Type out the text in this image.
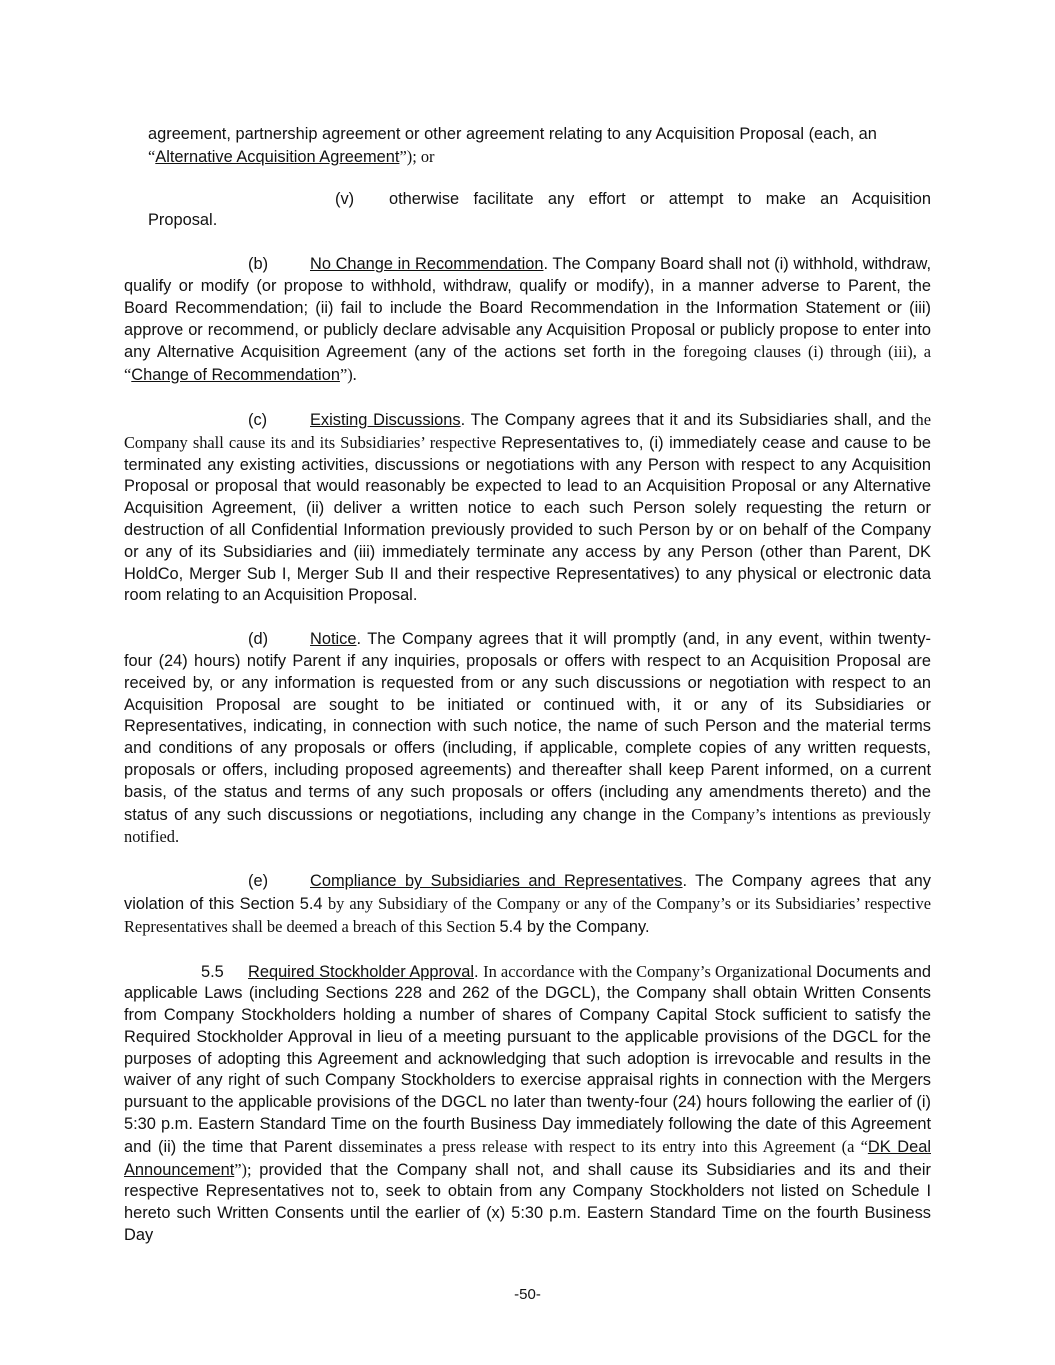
agreement, partnership agreement or other agreement relating to any Acquisition Proposal (each, an
“Alternative Acquisition Agreement”); or

(v) otherwise facilitate any effort or attempt to make an Acquisition

Proposal.

(b)	No Change in Recommendation. The Company Board shall not (i) withhold, withdraw, qualify or modify (or propose to withhold, withdraw, qualify or modify), in a manner adverse to Parent, the Board Recommendation; (ii) fail to include the Board Recommendation in the Information Statement or (iii) approve or recommend, or publicly declare advisable any Acquisition Proposal or publicly propose to enter into any Alternative Acquisition Agreement (any of the actions set forth in the foregoing clauses (i) through (iii), a “Change of Recommendation”).

(c)	Existing Discussions. The Company agrees that it and its Subsidiaries shall, and the Company shall cause its and its Subsidiaries’ respective Representatives to, (i) immediately cease and cause to be terminated any existing activities, discussions or negotiations with any Person with respect to any Acquisition Proposal or proposal that would reasonably be expected to lead to an Acquisition Proposal or any Alternative Acquisition Agreement, (ii) deliver a written notice to each such Person solely requesting the return or destruction of all Confidential Information previously provided to such Person by or on behalf of the Company or any of its Subsidiaries and (iii) immediately terminate any access by any Person (other than Parent, DK HoldCo, Merger Sub I, Merger Sub II and their respective Representatives) to any physical or electronic data room relating to an Acquisition Proposal.

(d)	Notice. The Company agrees that it will promptly (and, in any event, within twenty-four (24) hours) notify Parent if any inquiries, proposals or offers with respect to an Acquisition Proposal are received by, or any information is requested from or any such discussions or negotiation with respect to an Acquisition Proposal are sought to be initiated or continued with, it or any of its Subsidiaries or Representatives, indicating, in connection with such notice, the name of such Person and the material terms and conditions of any proposals or offers (including, if applicable, complete copies of any written requests, proposals or offers, including proposed agreements) and thereafter shall keep Parent informed, on a current basis, of the status and terms of any such proposals or offers (including any amendments thereto) and the status of any such discussions or negotiations, including any change in the Company’s intentions as previously notified.

(e)	Compliance by Subsidiaries and Representatives. The Company agrees that any violation of this Section 5.4 by any Subsidiary of the Company or any of the Company’s or its Subsidiaries’ respective Representatives shall be deemed a breach of this Section 5.4 by the Company.

5.5 Required Stockholder Approval. In accordance with the Company’s Organizational Documents and applicable Laws (including Sections 228 and 262 of the DGCL), the Company shall obtain Written Consents from Company Stockholders holding a number of shares of Company Capital Stock sufficient to satisfy the Required Stockholder Approval in lieu of a meeting pursuant to the applicable provisions of the DGCL for the purposes of adopting this Agreement and acknowledging that such adoption is irrevocable and results in the waiver of any right of such Company Stockholders to exercise appraisal rights in connection with the Mergers pursuant to the applicable provisions of the DGCL no later than twenty-four (24) hours following the earlier of (i) 5:30 p.m. Eastern Standard Time on the fourth Business Day immediately following the date of this Agreement and (ii) the time that Parent disseminates a press release with respect to its entry into this Agreement (a “DK Deal Announcement”); provided that the Company shall not, and shall cause its Subsidiaries and its and their respective Representatives not to, seek to obtain from any Company Stockholders not listed on Schedule I hereto such Written Consents until the earlier of (x) 5:30 p.m. Eastern Standard Time on the fourth Business Day

-50-
